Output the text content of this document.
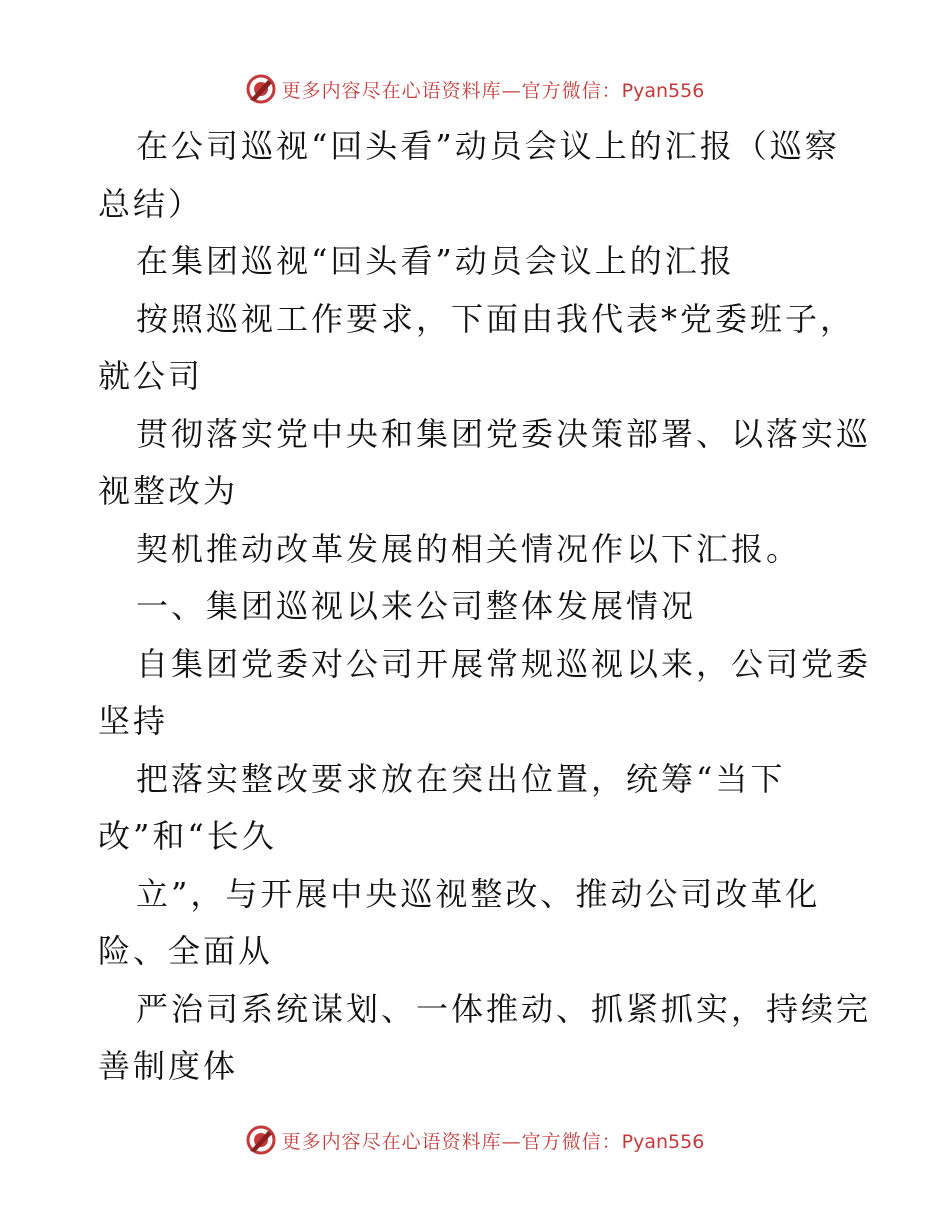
更多内容尽在心语资料库—官方微信：Pyan556
在公司巡视“回头看”动员会议上的汇报（巡察
总结）
在集团巡视“回头看”动员会议上的汇报
按照巡视工作要求，下面由我代表*党委班子，
就公司
贯彻落实党中央和集团党委决策部署、以落实巡
视整改为
契机推动改革发展的相关情况作以下汇报。
一、集团巡视以来公司整体发展情况
自集团党委对公司开展常规巡视以来，公司党委
坚持
把落实整改要求放在突出位置，统筹“当下
改”和“长久
立”，与开展中央巡视整改、推动公司改革化
险、全面从
严治司系统谋划、一体推动、抓紧抓实，持续完
善制度体
更多内容尽在心语资料库—官方微信：Pyan556
